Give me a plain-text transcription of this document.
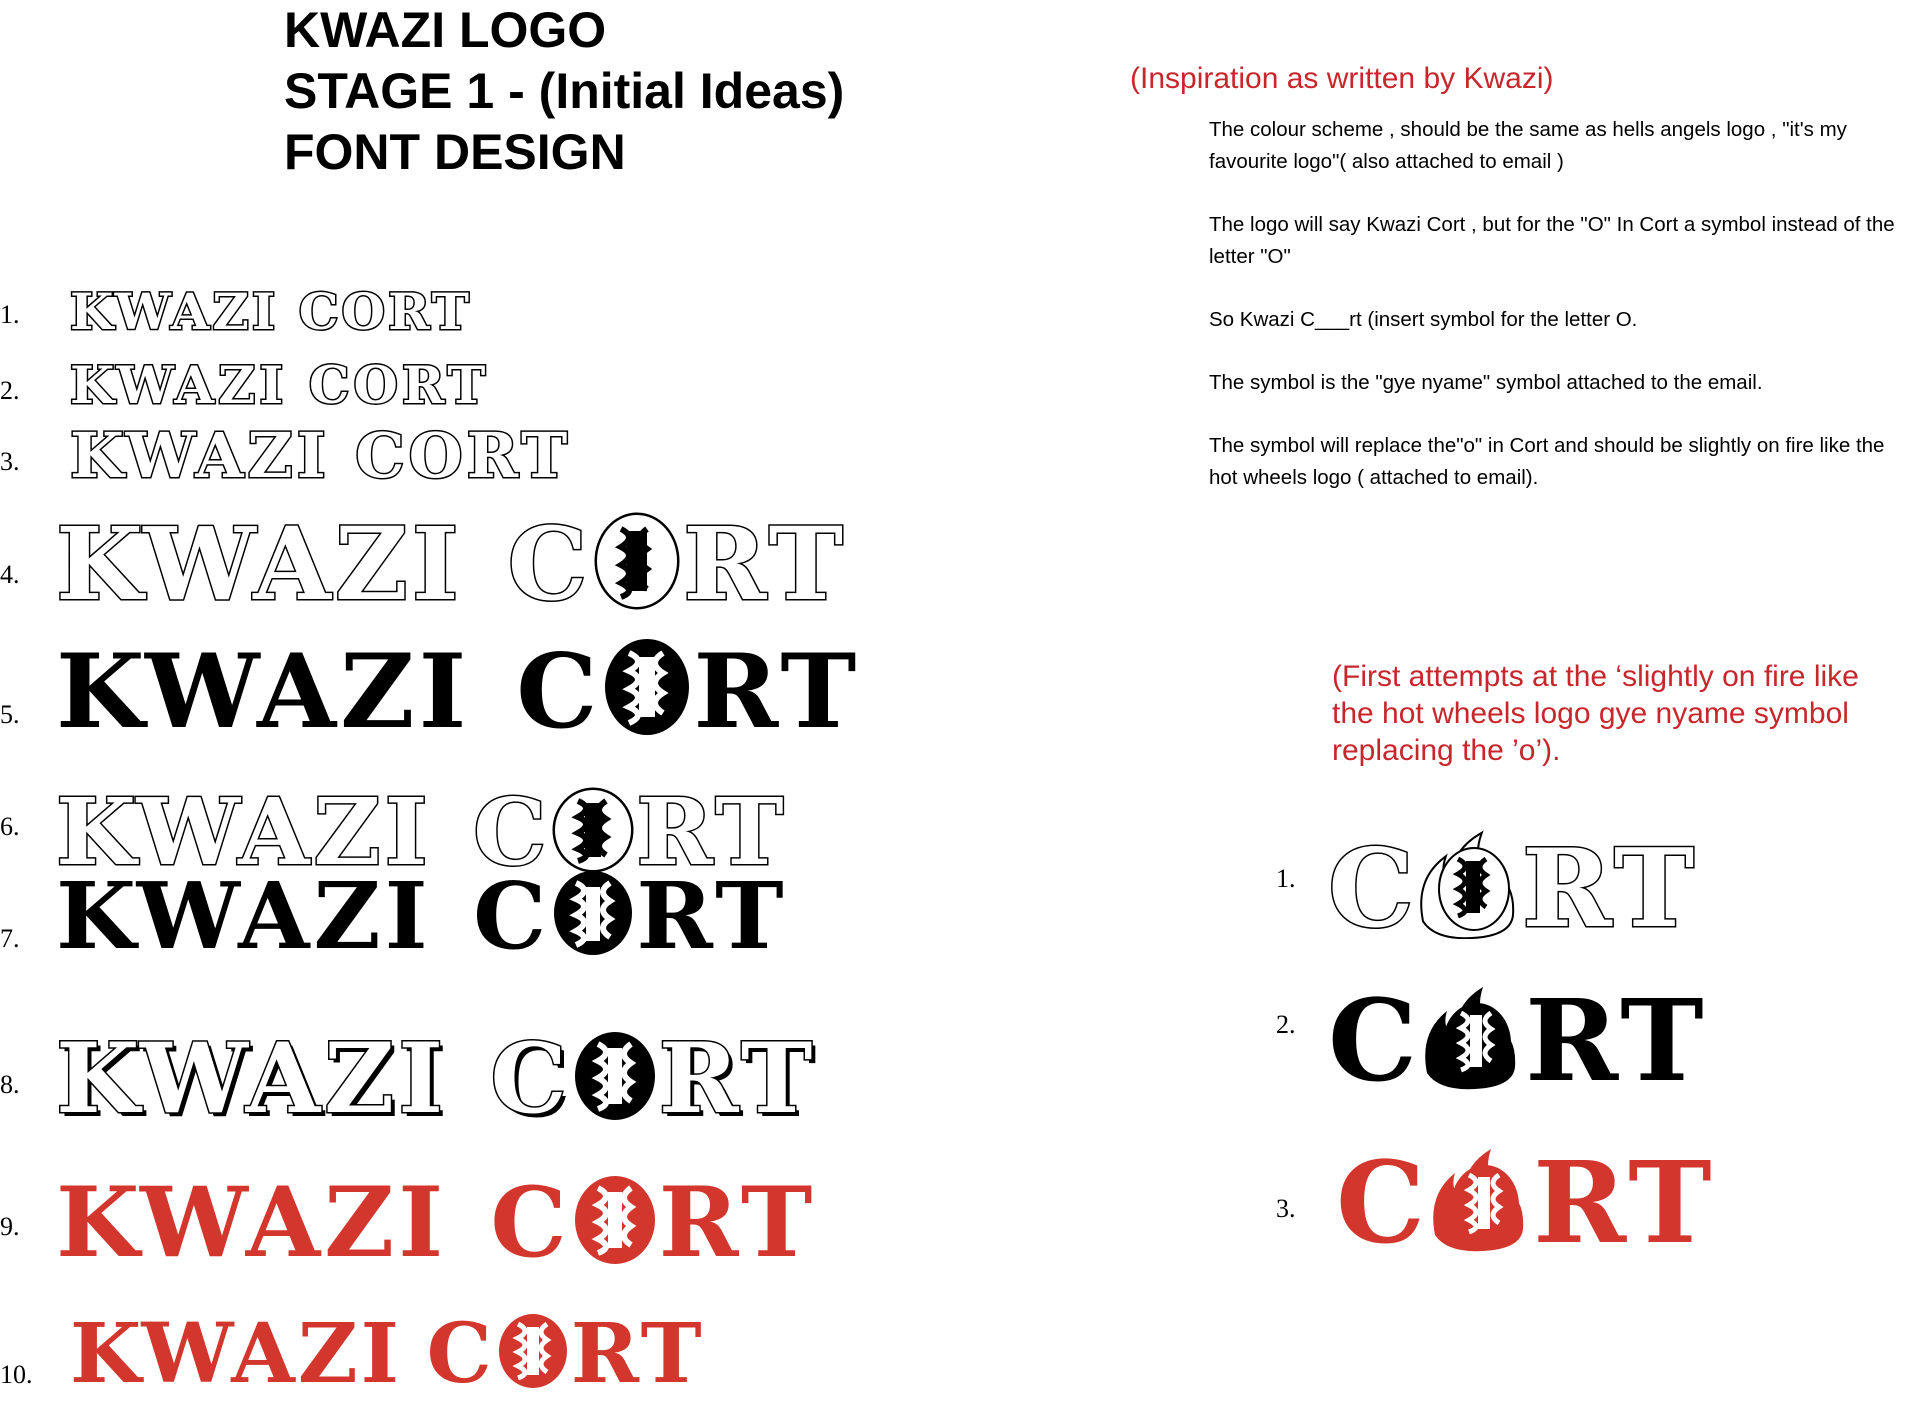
KWAZI LOGO
STAGE 1 - (Initial Ideas)
FONT DESIGN
(Inspiration as written by Kwazi)

The colour scheme , should be the same as hells angels logo , "it's my favourite logo"( also attached to email )

The logo will say Kwazi Cort , but for the "O" In Cort a symbol instead of the letter "O"

So Kwazi C___rt (insert symbol for the letter O.

The symbol is the "gye nyame" symbol attached to the email.

The symbol will replace the"o" in Cort and should be slightly on fire like the hot wheels logo ( attached to email).

1. KWAZI CORT
2. KWAZI CORT
3. KWAZI CORT
4. KWAZI C RT
5. KWAZI C RT
6. KWAZI C RT
7. KWAZI C RT
8. KWAZI C RT
9. KWAZI C RT
10. KWAZI C RT
(First attempts at the ‘slightly on fire like the hot wheels logo gye nyame symbol replacing the ’o’).
1. C RT
2. C RT
3. C RT
